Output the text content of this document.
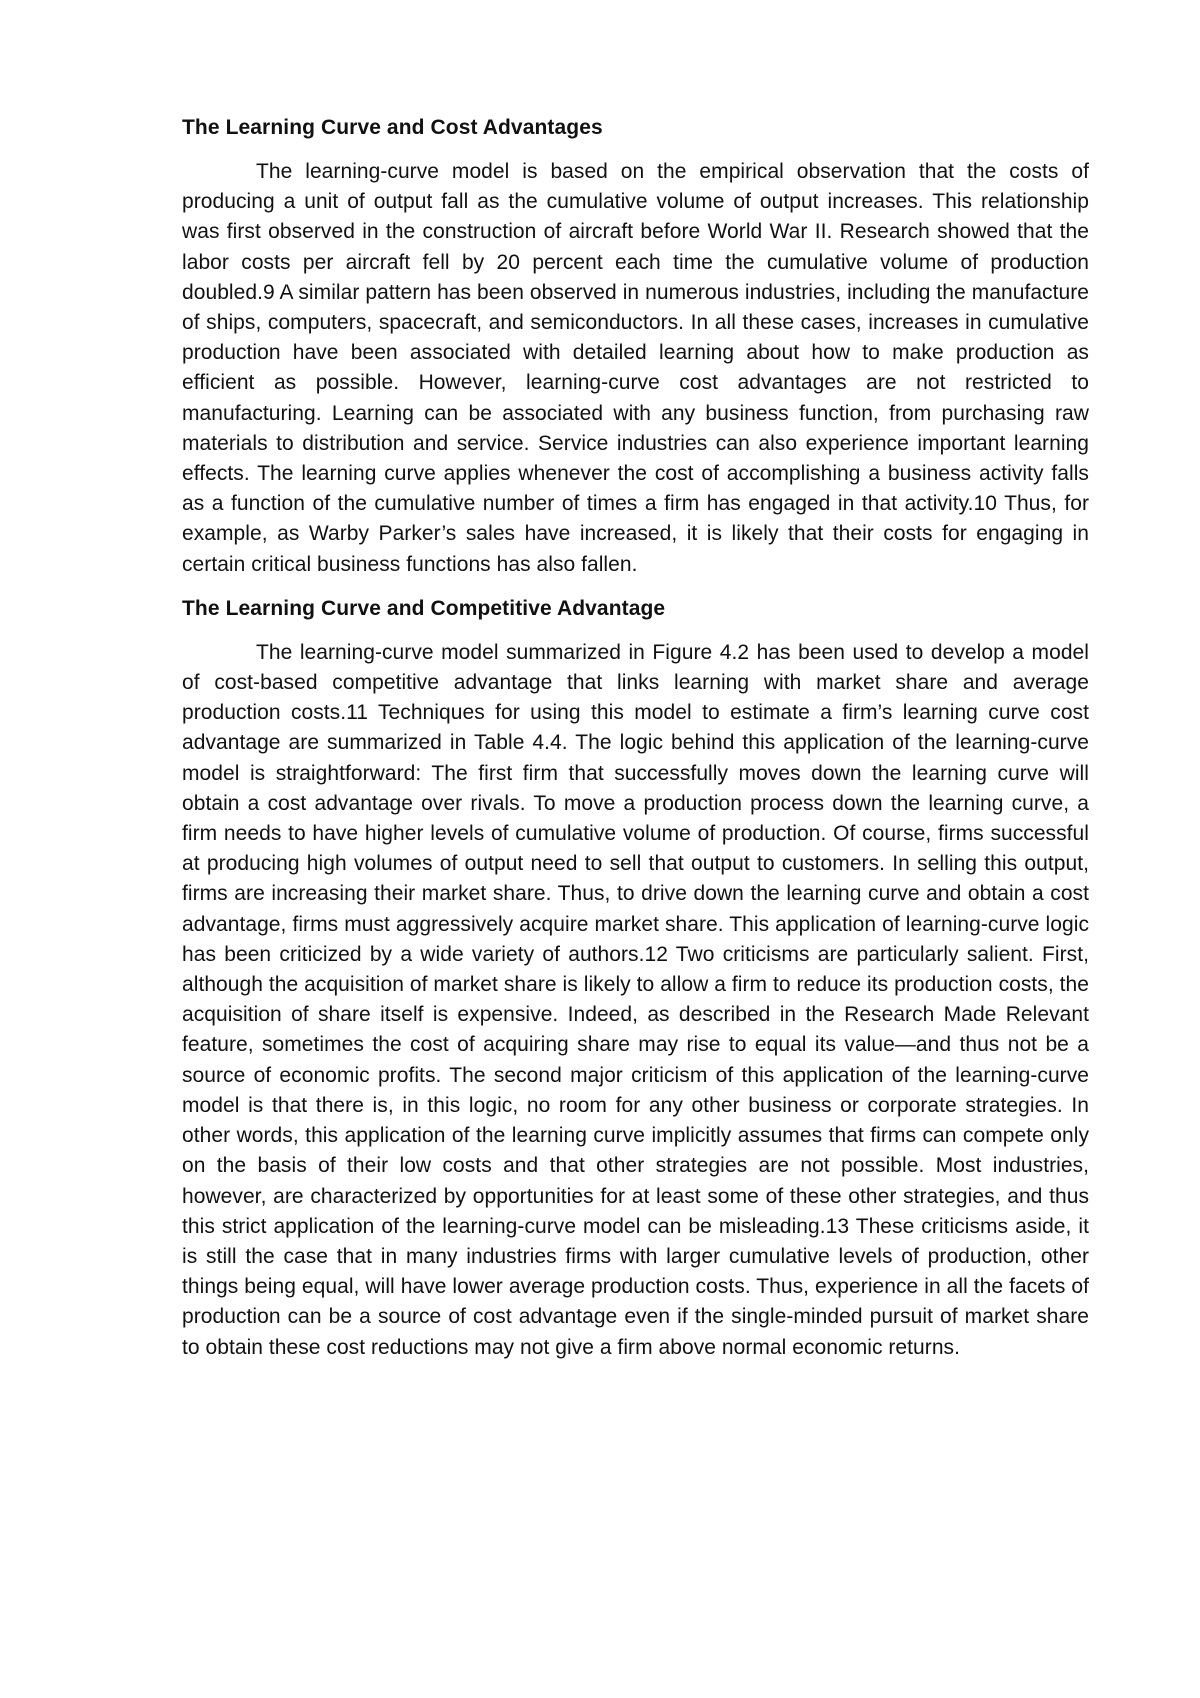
The Learning Curve and Cost Advantages

The learning-curve model is based on the empirical observation that the costs of producing a unit of output fall as the cumulative volume of output increases. This relationship was first observed in the construction of aircraft before World War II. Research showed that the labor costs per aircraft fell by 20 percent each time the cumulative volume of production doubled.9 A similar pattern has been observed in numerous industries, including the manufacture of ships, computers, spacecraft, and semiconductors. In all these cases, increases in cumulative production have been associated with detailed learning about how to make production as efficient as possible. However, learning-curve cost advantages are not restricted to manufacturing. Learning can be associated with any business function, from purchasing raw materials to distribution and service. Service industries can also experience important learning effects. The learning curve applies whenever the cost of accomplishing a business activity falls as a function of the cumulative number of times a firm has engaged in that activity.10 Thus, for example, as Warby Parker’s sales have increased, it is likely that their costs for engaging in certain critical business functions has also fallen.

The Learning Curve and Competitive Advantage

The learning-curve model summarized in Figure 4.2 has been used to develop a model of cost-based competitive advantage that links learning with market share and average production costs.11 Techniques for using this model to estimate a firm’s learning curve cost advantage are summarized in Table 4.4. The logic behind this application of the learning-curve model is straightforward: The first firm that successfully moves down the learning curve will obtain a cost advantage over rivals. To move a production process down the learning curve, a firm needs to have higher levels of cumulative volume of production. Of course, firms successful at producing high volumes of output need to sell that output to customers. In selling this output, firms are increasing their market share. Thus, to drive down the learning curve and obtain a cost advantage, firms must aggressively acquire market share. This application of learning-curve logic has been criticized by a wide variety of authors.12 Two criticisms are particularly salient. First, although the acquisition of market share is likely to allow a firm to reduce its production costs, the acquisition of share itself is expensive. Indeed, as described in the Research Made Relevant feature, sometimes the cost of acquiring share may rise to equal its value—and thus not be a source of economic profits. The second major criticism of this application of the learning-curve model is that there is, in this logic, no room for any other business or corporate strategies. In other words, this application of the learning curve implicitly assumes that firms can compete only on the basis of their low costs and that other strategies are not possible. Most industries, however, are characterized by opportunities for at least some of these other strategies, and thus this strict application of the learning-curve model can be misleading.13 These criticisms aside, it is still the case that in many industries firms with larger cumulative levels of production, other things being equal, will have lower average production costs. Thus, experience in all the facets of production can be a source of cost advantage even if the single-minded pursuit of market share to obtain these cost reductions may not give a firm above normal economic returns.
